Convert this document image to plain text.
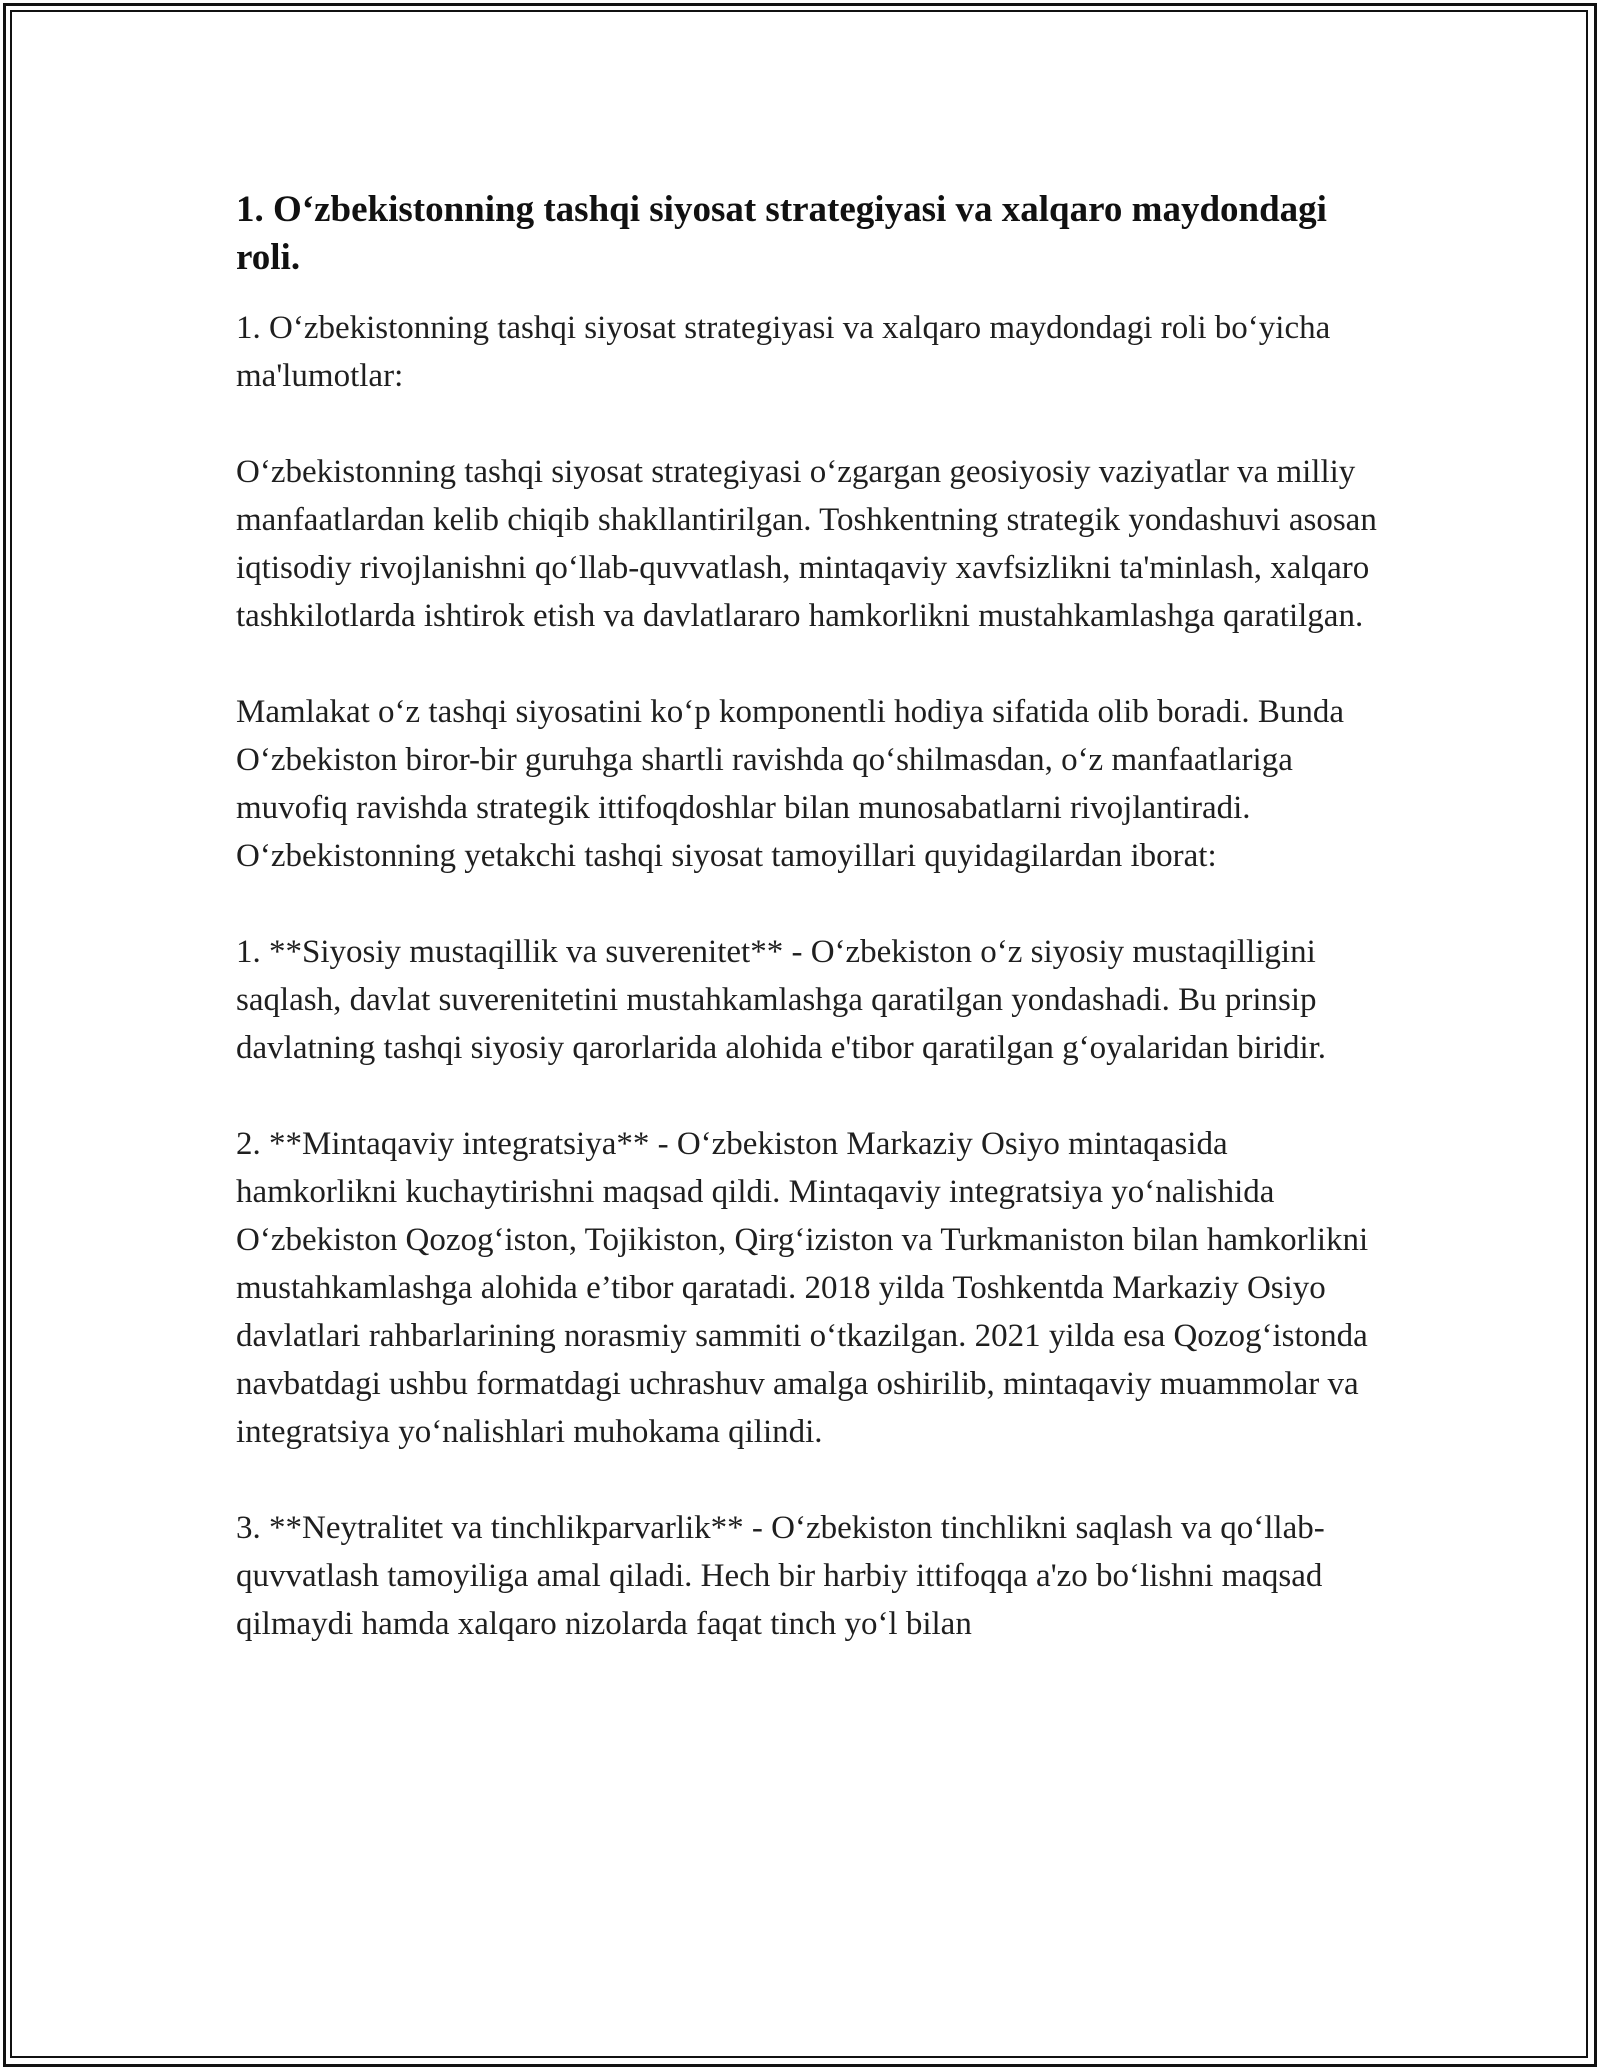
1. O‘zbekistonning tashqi siyosat strategiyasi va xalqaro maydondagi roli.

1. O‘zbekistonning tashqi siyosat strategiyasi va xalqaro maydondagi roli bo‘yicha ma'lumotlar:

O‘zbekistonning tashqi siyosat strategiyasi o‘zgargan geosiyosiy vaziyatlar va milliy manfaatlardan kelib chiqib shakllantirilgan. Toshkentning strategik yondashuvi asosan iqtisodiy rivojlanishni qo‘llab-quvvatlash, mintaqaviy xavfsizlikni ta'minlash, xalqaro tashkilotlarda ishtirok etish va davlatlararo hamkorlikni mustahkamlashga qaratilgan.

Mamlakat o‘z tashqi siyosatini ko‘p komponentli hodiya sifatida olib boradi. Bunda O‘zbekiston biror-bir guruhga shartli ravishda qo‘shilmasdan, o‘z manfaatlariga muvofiq ravishda strategik ittifoqdoshlar bilan munosabatlarni rivojlantiradi. O‘zbekistonning yetakchi tashqi siyosat tamoyillari quyidagilardan iborat:

1. **Siyosiy mustaqillik va suverenitet** - O‘zbekiston o‘z siyosiy mustaqilligini saqlash, davlat suverenitetini mustahkamlashga qaratilgan yondashadi. Bu prinsip davlatning tashqi siyosiy qarorlarida alohida e'tibor qaratilgan g‘oyalaridan biridir.

2. **Mintaqaviy integratsiya** - O‘zbekiston Markaziy Osiyo mintaqasida hamkorlikni kuchaytirishni maqsad qildi. Mintaqaviy integratsiya yo‘nalishida O‘zbekiston Qozog‘iston, Tojikiston, Qirg‘iziston va Turkmaniston bilan hamkorlikni mustahkamlashga alohida e’tibor qaratadi. 2018 yilda Toshkentda Markaziy Osiyo davlatlari rahbarlarining norasmiy sammiti o‘tkazilgan. 2021 yilda esa Qozog‘istonda navbatdagi ushbu formatdagi uchrashuv amalga oshirilib, mintaqaviy muammolar va integratsiya yo‘nalishlari muhokama qilindi.

3. **Neytralitet va tinchlikparvarlik** - O‘zbekiston tinchlikni saqlash va qo‘llab-quvvatlash tamoyiliga amal qiladi. Hech bir harbiy ittifoqqa a'zo bo‘lishni maqsad qilmaydi hamda xalqaro nizolarda faqat tinch yo‘l bilan
